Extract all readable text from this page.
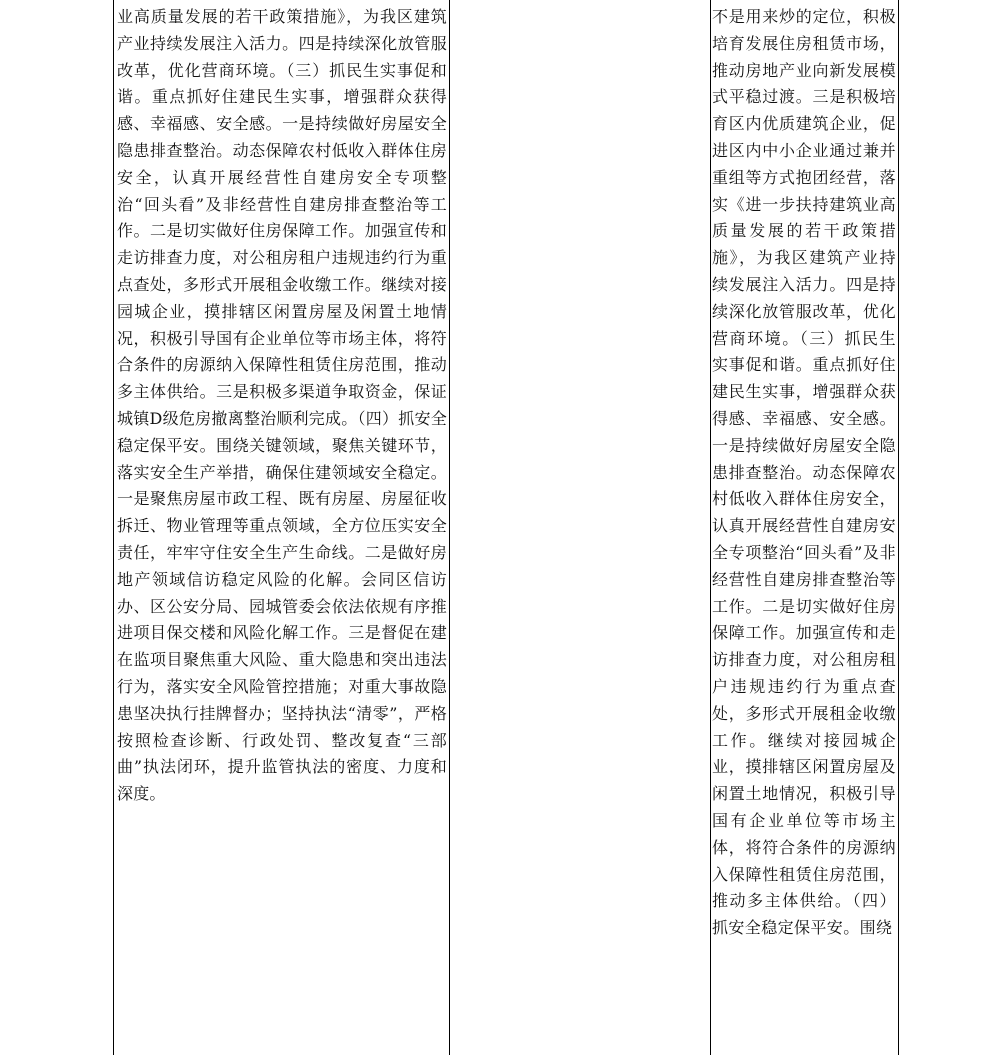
业高质量发展的若干政策措施》，为我区建筑产业持续发展注入活力。四是持续深化放管服改革，优化营商环境。（三）抓民生实事促和谐。重点抓好住建民生实事，增强群众获得感、幸福感、安全感。一是持续做好房屋安全隐患排查整治。动态保障农村低收入群体住房安全，认真开展经营性自建房安全专项整治“回头看”及非经营性自建房排查整治等工作。二是切实做好住房保障工作。加强宣传和走访排查力度，对公租房租户违规违约行为重点查处，多形式开展租金收缴工作。继续对接园城企业，摸排辖区闲置房屋及闲置土地情况，积极引导国有企业单位等市场主体，将符合条件的房源纳入保障性租赁住房范围，推动多主体供给。三是积极多渠道争取资金，保证城镇D级危房撤离整治顺利完成。（四）抓安全稳定保平安。围绕关键领域，聚焦关键环节，落实安全生产举措，确保住建领域安全稳定。一是聚焦房屋市政工程、既有房屋、房屋征收拆迁、物业管理等重点领域，全方位压实安全责任，牢牢守住安全生产生命线。二是做好房地产领域信访稳定风险的化解。会同区信访办、区公安分局、园城管委会依法依规有序推进项目保交楼和风险化解工作。三是督促在建在监项目聚焦重大风险、重大隐患和突出违法行为，落实安全风险管控措施；对重大事故隐患坚决执行挂牌督办；坚持执法“清零”，严格按照检查诊断、行政处罚、整改复查“三部曲”执法闭环，提升监管执法的密度、力度和深度。
不是用来炒的定位，积极培育发展住房租赁市场，推动房地产业向新发展模式平稳过渡。三是积极培育区内优质建筑企业，促进区内中小企业通过兼并重组等方式抱团经营，落实《进一步扶持建筑业高质量发展的若干政策措施》，为我区建筑产业持续发展注入活力。四是持续深化放管服改革，优化营商环境。（三）抓民生实事促和谐。重点抓好住建民生实事，增强群众获得感、幸福感、安全感。一是持续做好房屋安全隐患排查整治。动态保障农村低收入群体住房安全，认真开展经营性自建房安全专项整治“回头看”及非经营性自建房排查整治等工作。二是切实做好住房保障工作。加强宣传和走访排查力度，对公租房租户违规违约行为重点查处，多形式开展租金收缴工作。继续对接园城企业，摸排辖区闲置房屋及闲置土地情况，积极引导国有企业单位等市场主体，将符合条件的房源纳入保障性租赁住房范围，推动多主体供给。（四）抓安全稳定保平安。围绕
